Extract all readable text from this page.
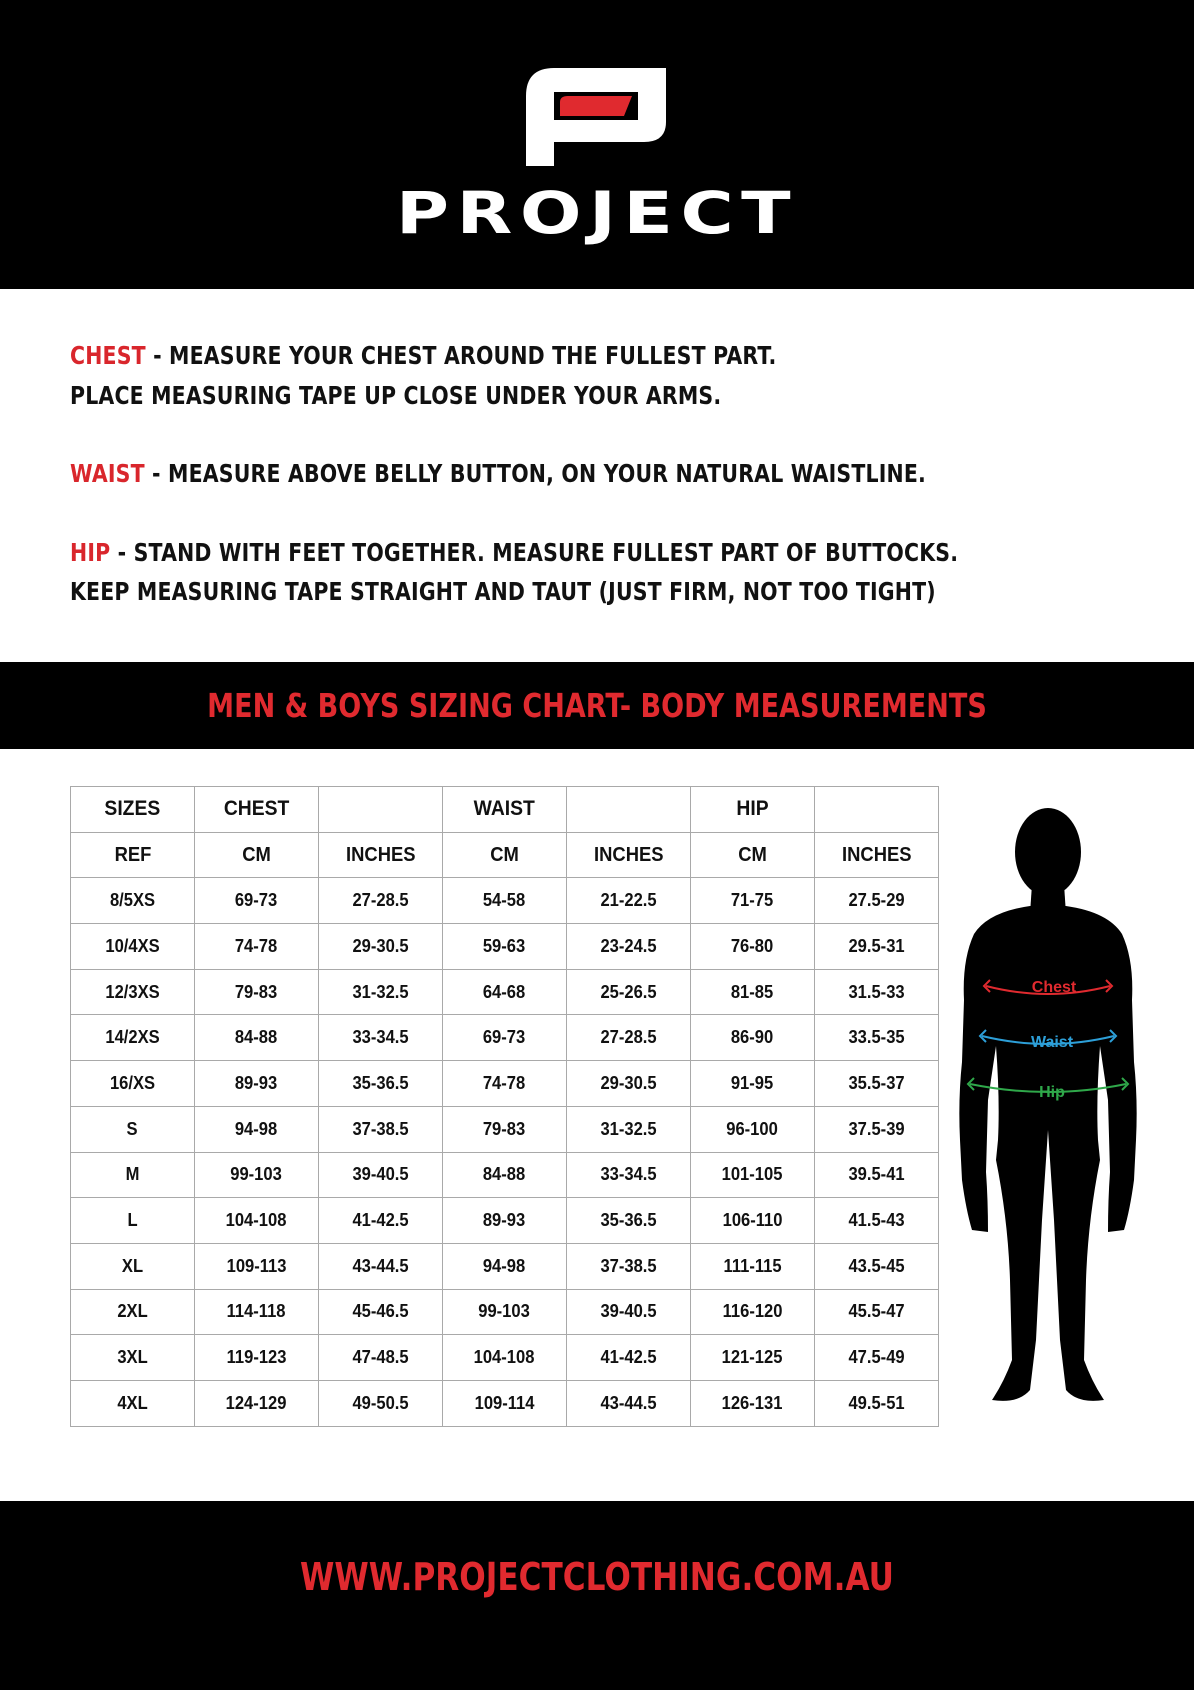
PROJECT

CHEST - MEASURE YOUR CHEST AROUND THE FULLEST PART.

PLACE MEASURING TAPE UP CLOSE UNDER YOUR ARMS.

WAIST - MEASURE ABOVE BELLY BUTTON, ON YOUR NATURAL WAISTLINE.

HIP - STAND WITH FEET TOGETHER. MEASURE FULLEST PART OF BUTTOCKS.

KEEP MEASURING TAPE STRAIGHT AND TAUT (JUST FIRM, NOT TOO TIGHT)

MEN & BOYS SIZING CHART- BODY MEASUREMENTS
SIZES	CHEST		WAIST		HIP	
REF	CM	INCHES	CM	INCHES	CM	INCHES
8/5XS	69-73	27-28.5	54-58	21-22.5	71-75	27.5-29
10/4XS	74-78	29-30.5	59-63	23-24.5	76-80	29.5-31
12/3XS	79-83	31-32.5	64-68	25-26.5	81-85	31.5-33
14/2XS	84-88	33-34.5	69-73	27-28.5	86-90	33.5-35
16/XS	89-93	35-36.5	74-78	29-30.5	91-95	35.5-37
S	94-98	37-38.5	79-83	31-32.5	96-100	37.5-39
M	99-103	39-40.5	84-88	33-34.5	101-105	39.5-41
L	104-108	41-42.5	89-93	35-36.5	106-110	41.5-43
XL	109-113	43-44.5	94-98	37-38.5	111-115	43.5-45
2XL	114-118	45-46.5	99-103	39-40.5	116-120	45.5-47
3XL	119-123	47-48.5	104-108	41-42.5	121-125	47.5-49
4XL	124-129	49-50.5	109-114	43-44.5	126-131	49.5-51
Chest
Waist
Hip
WWW.PROJECTCLOTHING.COM.AU
